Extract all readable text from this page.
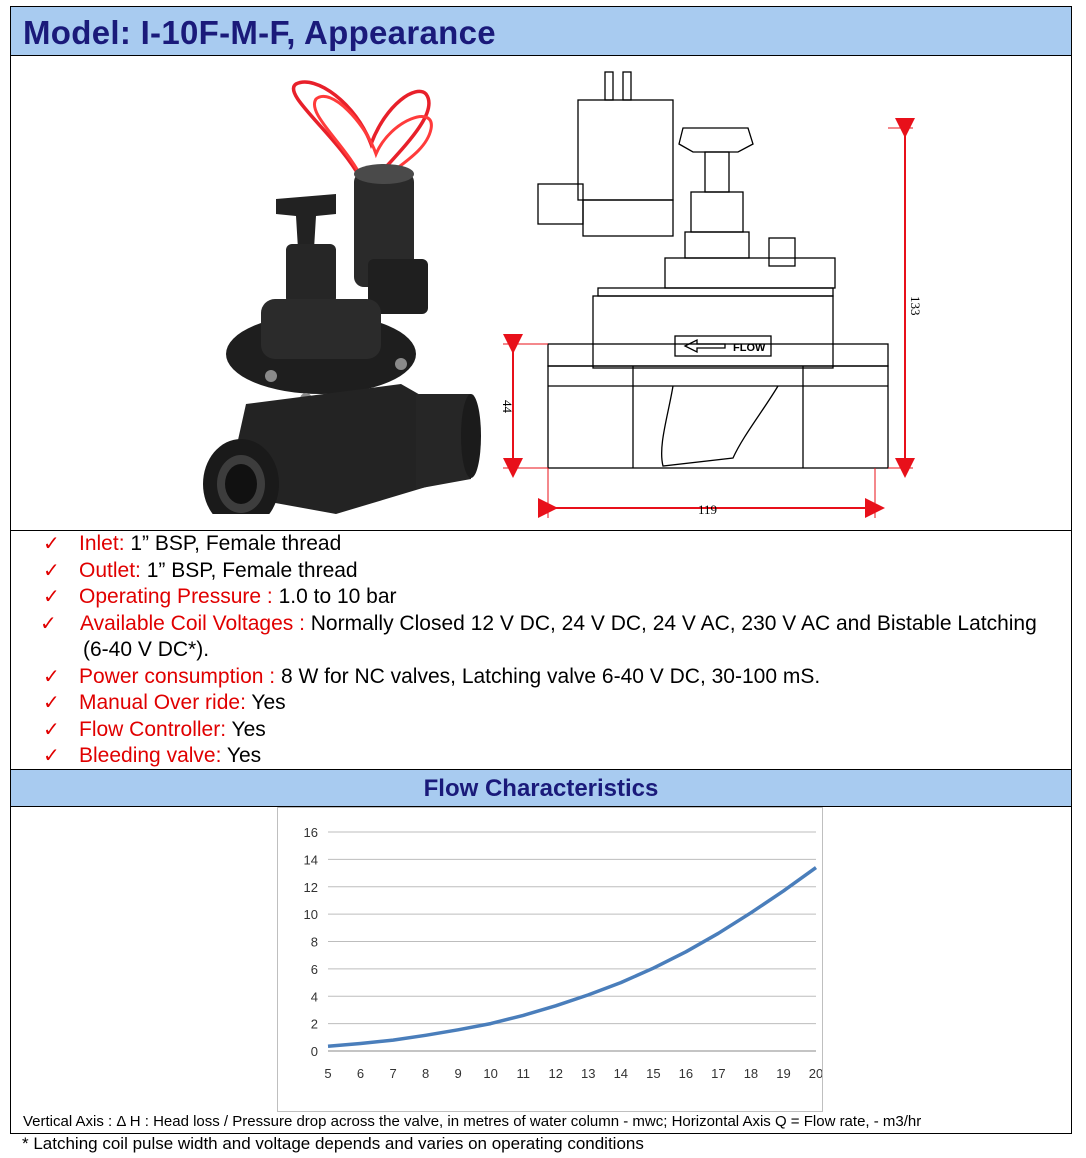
Model: I-10F-M-F, Appearance
FLOW
133
44
119
✓ Inlet: 1” BSP, Female thread
✓ Outlet: 1” BSP, Female thread
✓ Operating Pressure : 1.0 to 10 bar
✓ Available Coil Voltages : Normally Closed 12 V DC, 24 V DC, 24 V AC, 230 V AC and Bistable Latching (6-40 V DC*).
✓ Power consumption : 8 W for NC valves, Latching valve 6-40 V DC, 30-100 mS.
✓ Manual Over ride: Yes
✓ Flow Controller: Yes
✓ Bleeding valve: Yes
Flow Characteristics
0
2
4
6
8
10
12
14
16
5 6 7 8 9 10 11 12 13 14 15 16 17 18 19 20
Vertical Axis : Δ H : Head loss / Pressure drop across the valve, in metres of water column - mwc; Horizontal Axis Q = Flow rate, - m3/hr
* Latching coil pulse width and voltage depends and varies on operating conditions
